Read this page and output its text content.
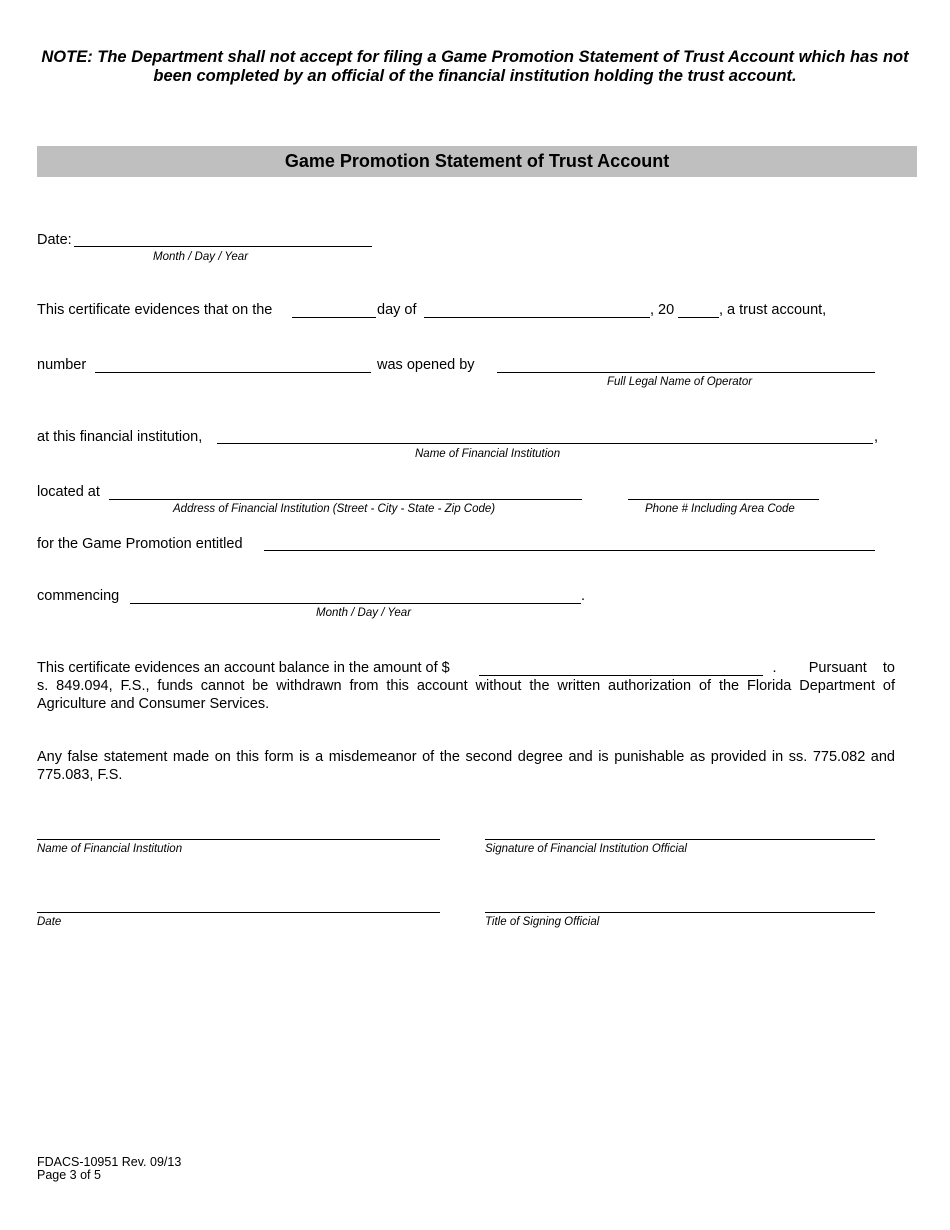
NOTE: The Department shall not accept for filing a Game Promotion Statement of Trust Account which has not been completed by an official of the financial institution holding the trust account.
Game Promotion Statement of Trust Account
Date:
Month / Day / Year
This certificate evidences that on the	day of	, 20	, a trust account,
number	was opened by
Full Legal Name of Operator
at this financial institution,	,
Name of Financial Institution
located at
Address of Financial Institution (Street - City - State - Zip Code)	Phone # Including Area Code
for the Game Promotion entitled
commencing	.
Month / Day / Year
This certificate evidences an account balance in the amount of $	.        Pursuant    to
s. 849.094, F.S., funds cannot be withdrawn from this account without the written authorization of the Florida Department of Agriculture and Consumer Services.
Any false statement made on this form is a misdemeanor of the second degree and is punishable as provided in ss. 775.082 and 775.083, F.S.
Name of Financial Institution	Signature of Financial Institution Official
Date	Title of Signing Official
FDACS-10951 Rev. 09/13
Page 3 of 5
